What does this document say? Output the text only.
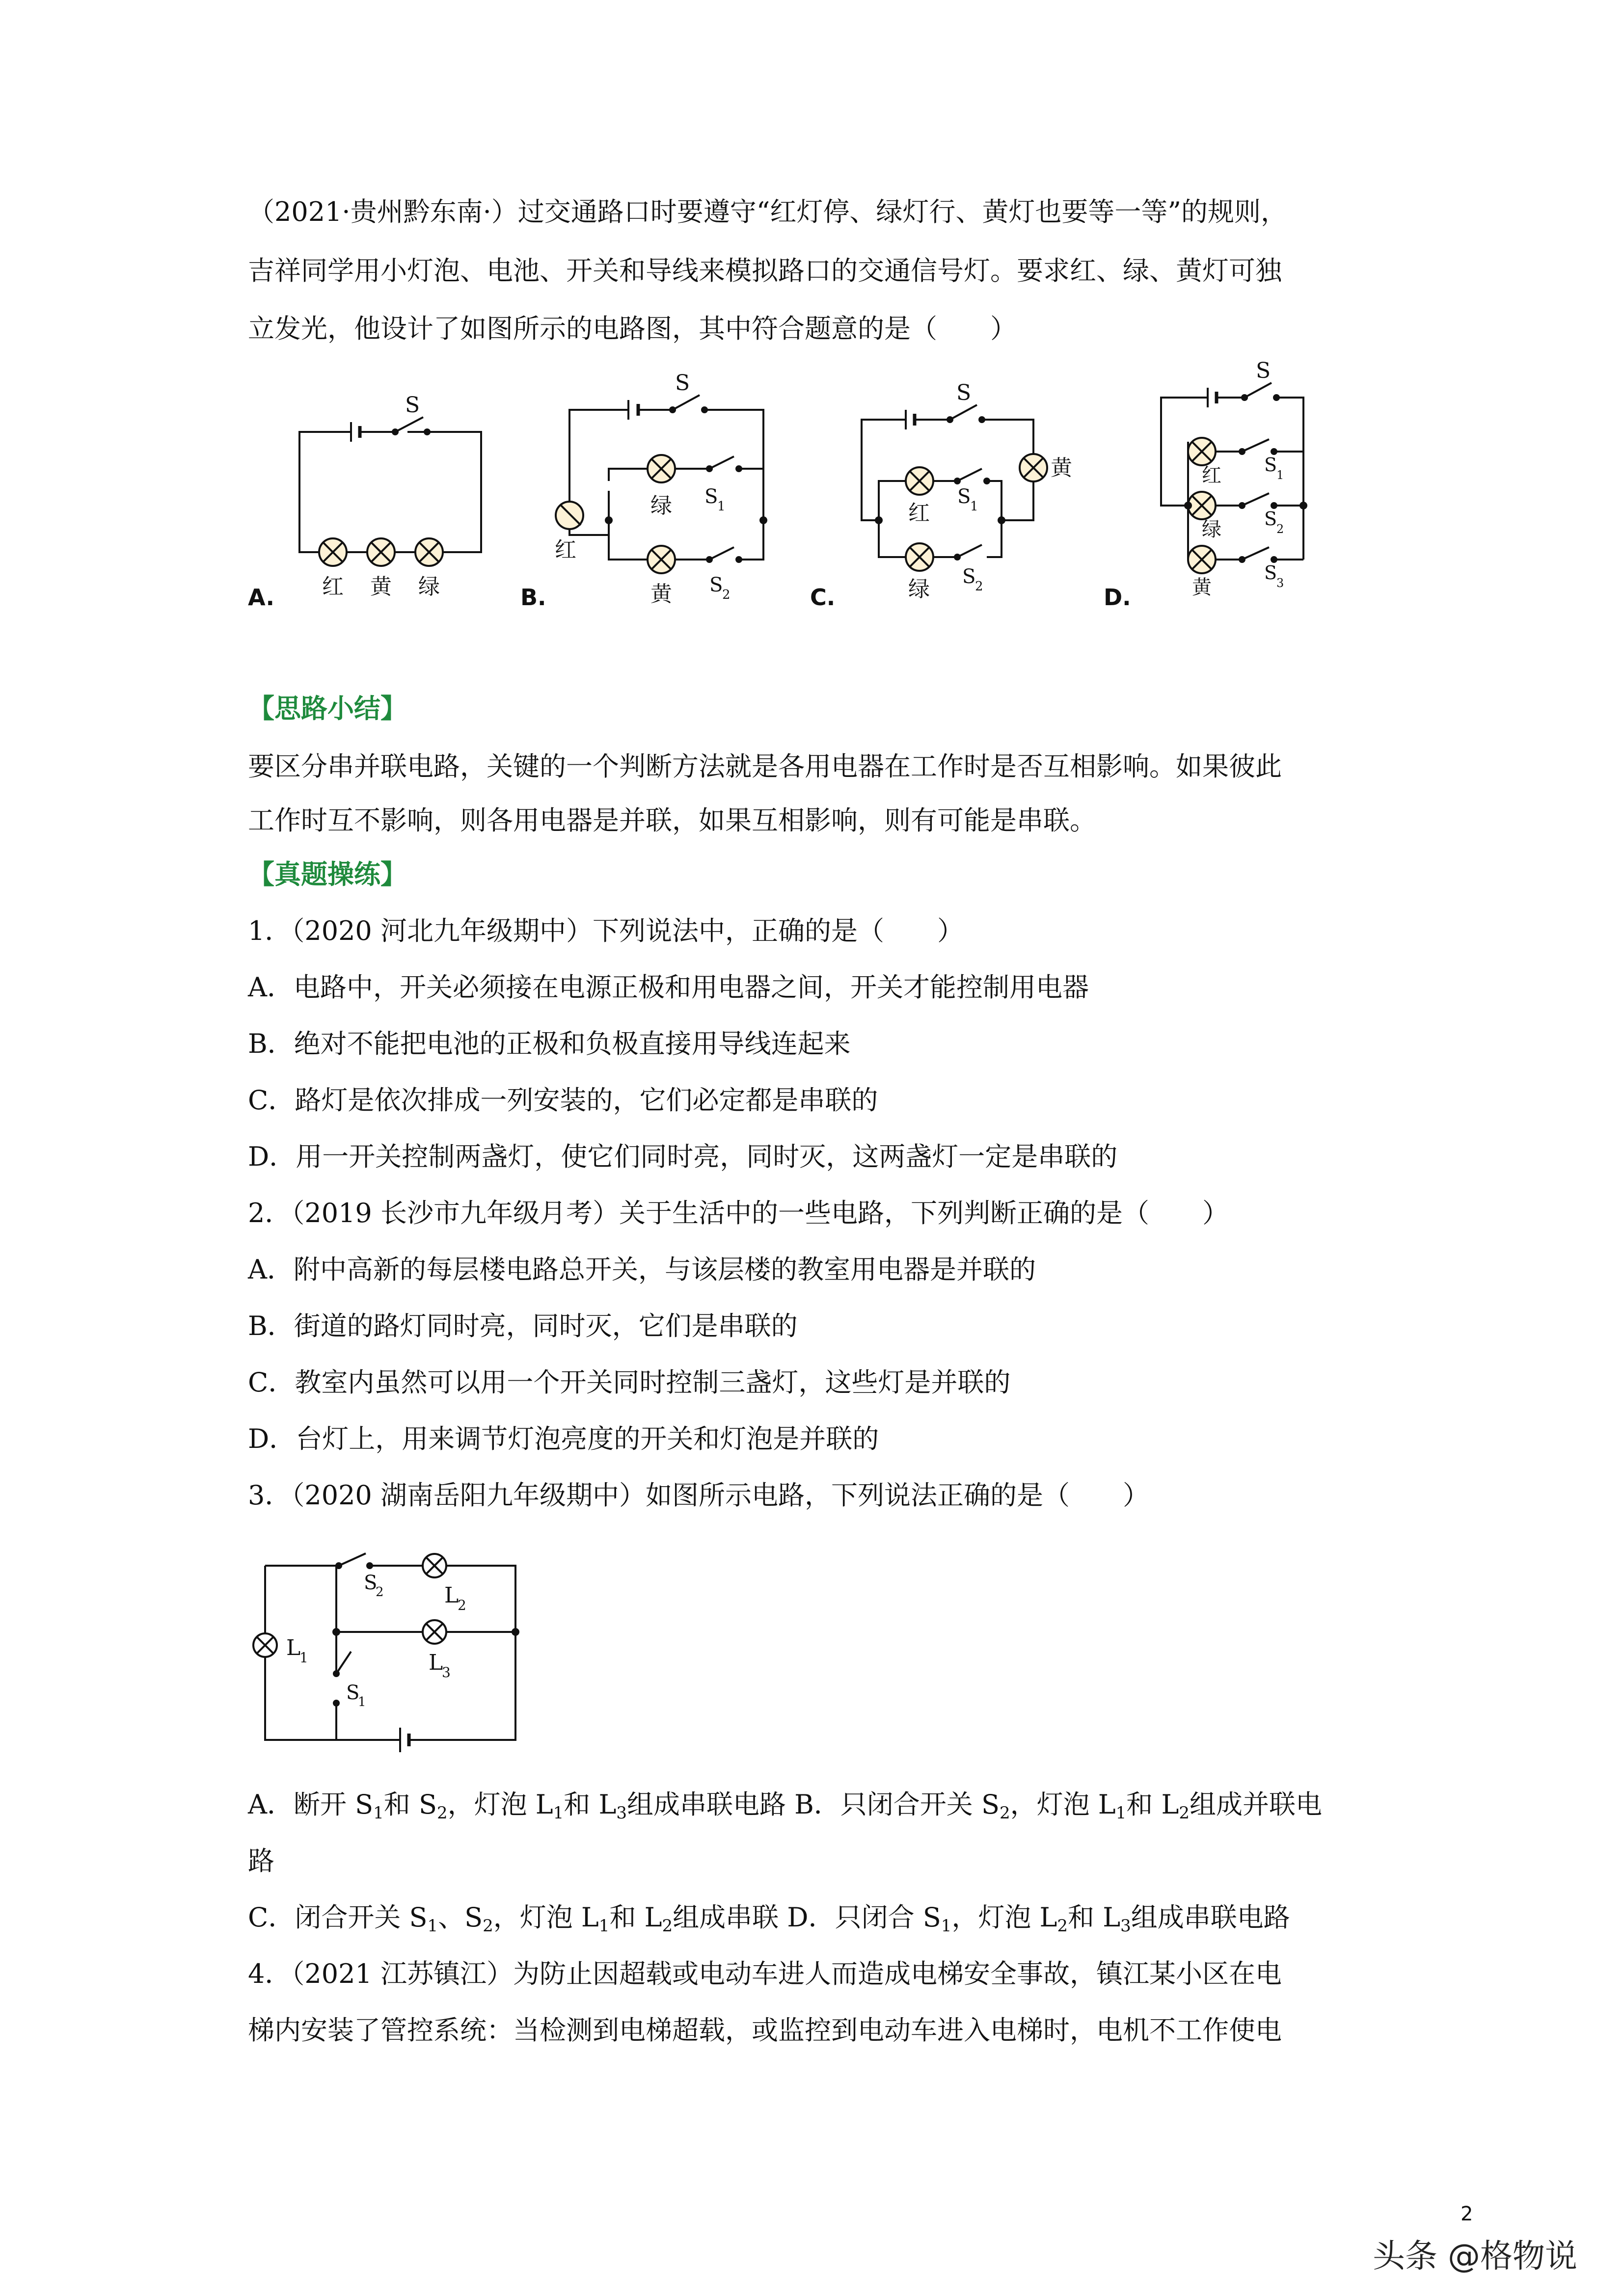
（2021·贵州黔东南·）过交通路口时要遵守“红灯停、绿灯行、黄灯也要等一等”的规则，
吉祥同学用小灯泡、电池、开关和导线来模拟路口的交通信号灯。要求红、绿、黄灯可独
立发光，他设计了如图所示的电路图，其中符合题意的是（　　）
S
红 黄 绿
A.
S
红
绿
黄
S
1
S
2
B.
S
黄
红
绿
S
1
S
2
C.
S
红
绿
黄
S
1
S
2
S
3
D.
【思路小结】
要区分串并联电路，关键的一个判断方法就是各用电器在工作时是否互相影响。如果彼此
工作时互不影响，则各用电器是并联，如果互相影响，则有可能是串联。
【真题操练】
1．（2020 河北九年级期中）下列说法中，正确的是（　　）
A．电路中，开关必须接在电源正极和用电器之间，开关才能控制用电器
B．绝对不能把电池的正极和负极直接用导线连起来
C．路灯是依次排成一列安装的，它们必定都是串联的
D．用一开关控制两盏灯，使它们同时亮，同时灭，这两盏灯一定是串联的
2．（2019 长沙市九年级月考）关于生活中的一些电路，下列判断正确的是（　　）
A．附中高新的每层楼电路总开关，与该层楼的教室用电器是并联的
B．街道的路灯同时亮，同时灭，它们是串联的
C．教室内虽然可以用一个开关同时控制三盏灯，这些灯是并联的
D．台灯上，用来调节灯泡亮度的开关和灯泡是并联的
3．（2020 湖南岳阳九年级期中）如图所示电路，下列说法正确的是（　　）
L
1
L
2
L
3
S
2
S
1
A．断开 $S_1$和 $S_2$，灯泡 $L_1$和 $L_3$组成串联电路 B．只闭合开关 $S_2$，灯泡 $L_1$和 $L_2$组成并联电
路
C．闭合开关 $S_1$、$S_2$，灯泡 $L_1$和 $L_2$组成串联 D．只闭合 $S_1$，灯泡 $L_2$和 $L_3$组成串联电路
4．（2021 江苏镇江）为防止因超载或电动车进人而造成电梯安全事故，镇江某小区在电
梯内安装了管控系统：当检测到电梯超载，或监控到电动车进入电梯时，电机不工作使电
2
头条 @格物说
